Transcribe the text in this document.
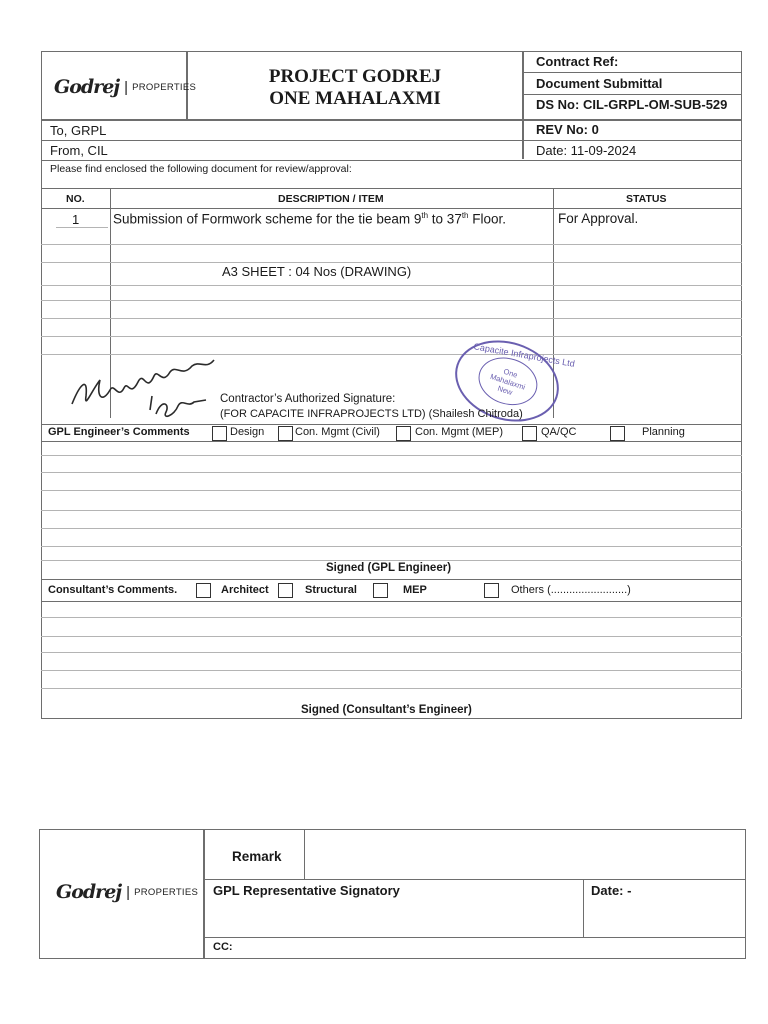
Godrej | PROPERTIES	PROJECT GODREJ
ONE MAHALAXMI
Contract Ref:
Document Submittal
DS No: CIL-GRPL-OM-SUB-529
To, GRPL	REV No: 0
From, CIL	Date: 11-09-2024
Please find enclosed the following document for review/approval:
NO.	DESCRIPTION / ITEM	STATUS
1	Submission of Formwork scheme for the tie beam 9th to 37th Floor.	For Approval.
A3 SHEET : 04 Nos (DRAWING)
Capacite Infraprojects Ltd
One Mahalaxmi New
Contractor’s Authorized Signature:
(FOR CAPACITE INFRAPROJECTS LTD) (Shailesh Chitroda)
GPL Engineer’s Comments	Design	Con. Mgmt (Civil)	Con. Mgmt (MEP)	QA/QC	Planning
Signed (GPL Engineer)
Consultant’s Comments.	Architect	Structural	MEP	Others (.........................)
Signed (Consultant’s Engineer)
Godrej | PROPERTIES
Remark
GPL Representative Signatory	Date: -
CC:
